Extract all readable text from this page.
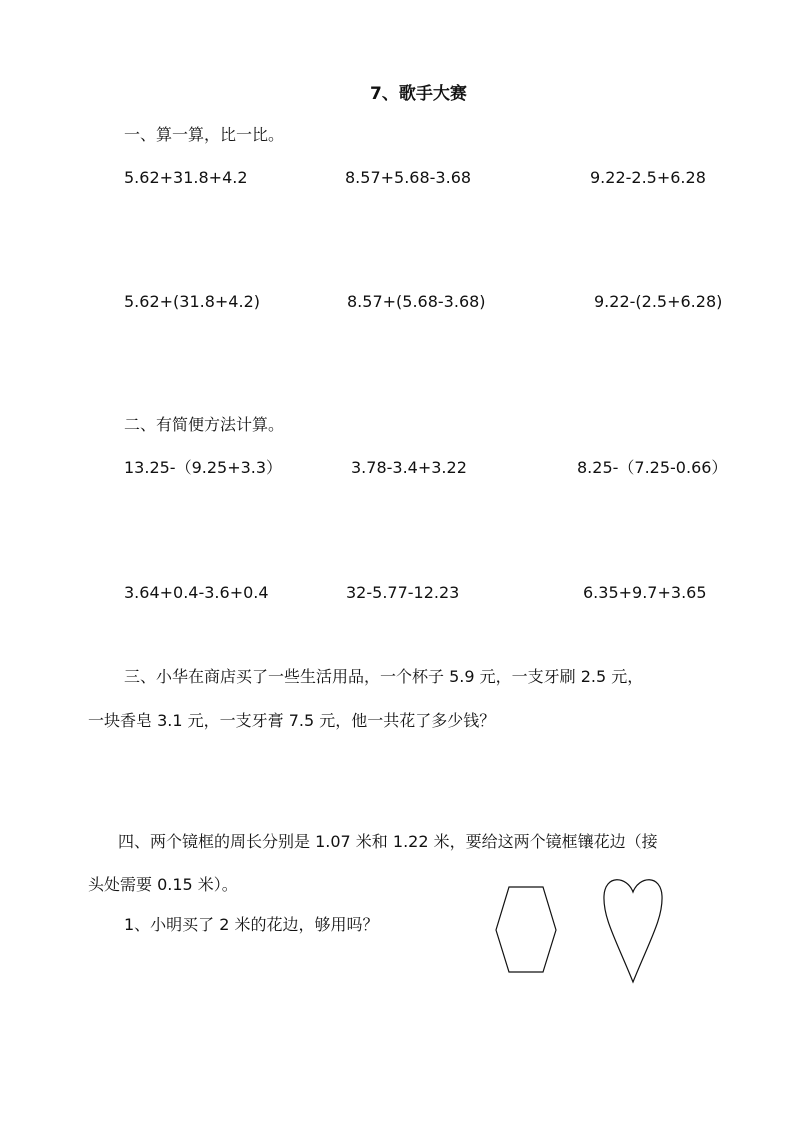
7、歌手大赛
一、算一算，比一比。
5.62+31.8+4.2	8.57+5.68-3.68	9.22-2.5+6.28
5.62+(31.8+4.2)	8.57+(5.68-3.68)	9.22-(2.5+6.28)
二、有简便方法计算。
13.25-（9.25+3.3）	3.78-3.4+3.22	8.25-（7.25-0.66）
3.64+0.4-3.6+0.4	32-5.77-12.23	6.35+9.7+3.65
三、小华在商店买了一些生活用品，一个杯子 5.9 元，一支牙刷 2.5 元，
一块香皂 3.1 元，一支牙膏 7.5 元，他一共花了多少钱？
四、两个镜框的周长分别是 1.07 米和 1.22 米，要给这两个镜框镶花边（接
头处需要 0.15 米）。
1、小明买了 2 米的花边，够用吗？
